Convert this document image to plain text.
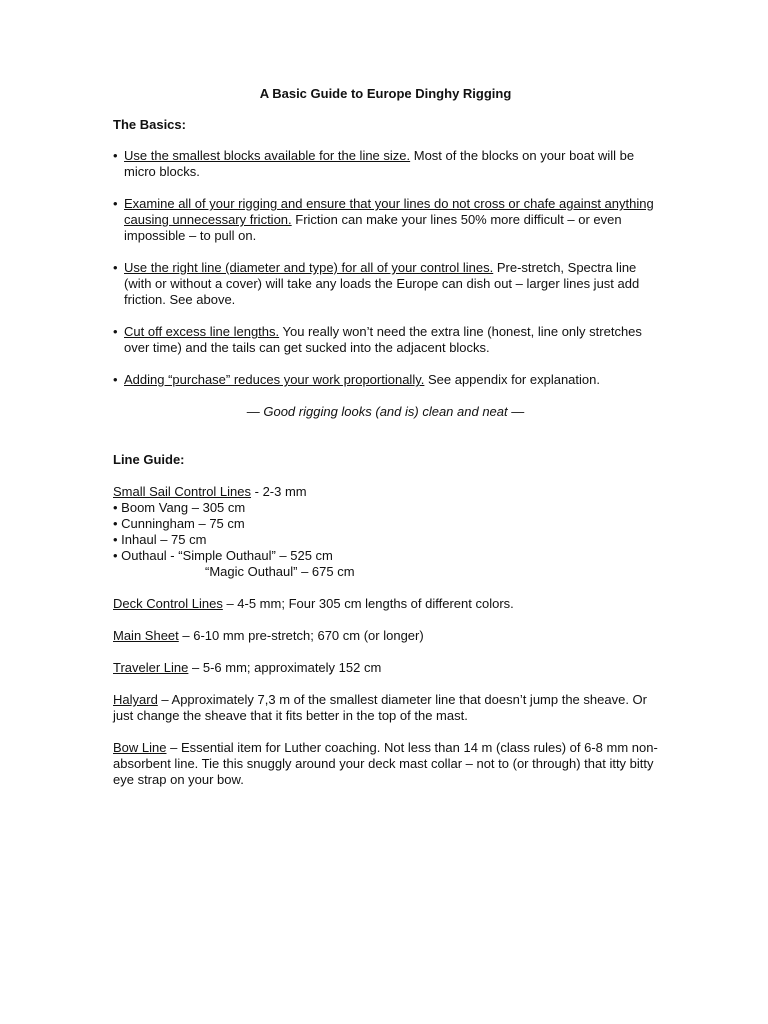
A Basic Guide to Europe Dinghy Rigging
The Basics:
• Use the smallest blocks available for the line size. Most of the blocks on your boat will be micro blocks.
• Examine all of your rigging and ensure that your lines do not cross or chafe against anything causing unnecessary friction. Friction can make your lines 50% more difficult – or even impossible – to pull on.
• Use the right line (diameter and type) for all of your control lines. Pre-stretch, Spectra line (with or without a cover) will take any loads the Europe can dish out – larger lines just add friction. See above.
• Cut off excess line lengths. You really won’t need the extra line (honest, line only stretches over time) and the tails can get sucked into the adjacent blocks.
• Adding “purchase” reduces your work proportionally. See appendix for explanation.
— Good rigging looks (and is) clean and neat —
Line Guide:
Small Sail Control Lines - 2-3 mm
• Boom Vang – 305 cm
• Cunningham – 75 cm
• Inhaul – 75 cm
• Outhaul - “Simple Outhaul” – 525 cm
“Magic Outhaul” – 675 cm
Deck Control Lines – 4-5 mm; Four 305 cm lengths of different colors.
Main Sheet – 6-10 mm pre-stretch; 670 cm (or longer)
Traveler Line – 5-6 mm; approximately 152 cm
Halyard – Approximately 7,3 m of the smallest diameter line that doesn’t jump the sheave. Or just change the sheave that it fits better in the top of the mast.
Bow Line – Essential item for Luther coaching. Not less than 14 m (class rules) of 6-8 mm non-absorbent line. Tie this snuggly around your deck mast collar – not to (or through) that itty bitty eye strap on your bow.
